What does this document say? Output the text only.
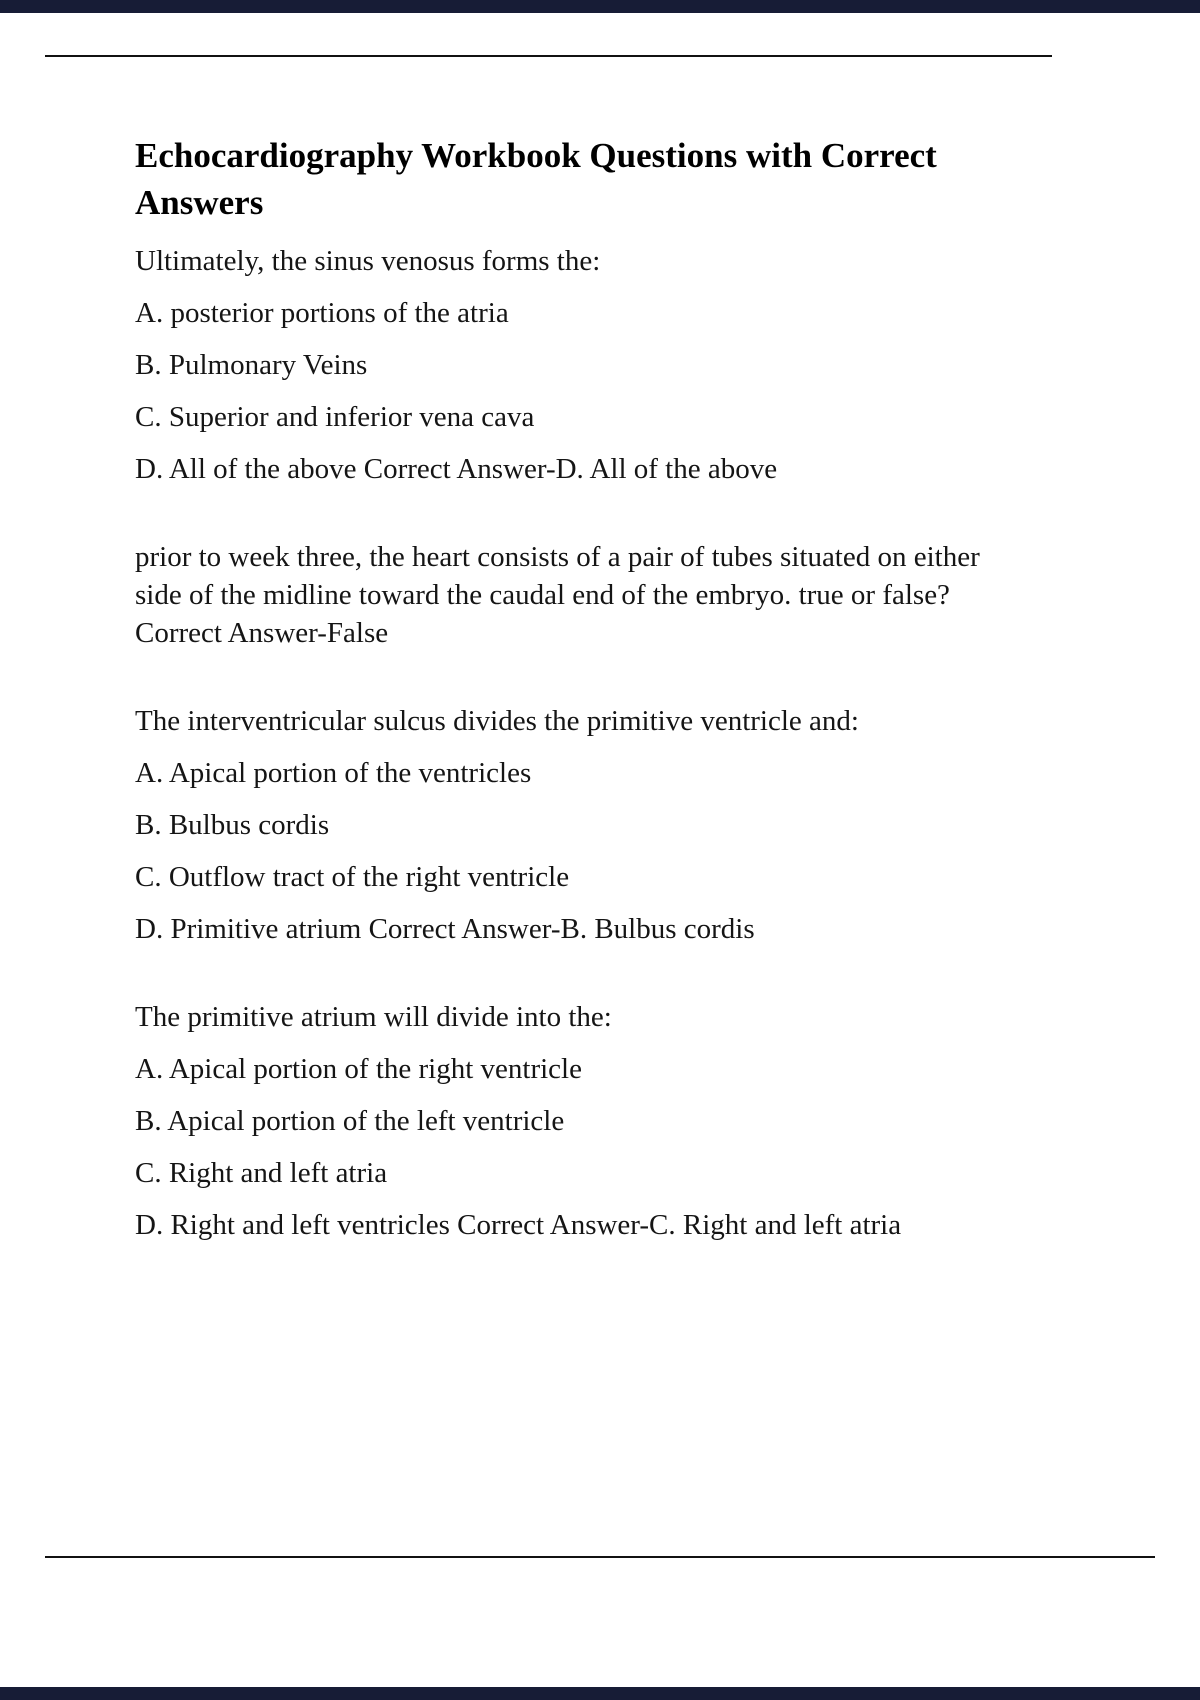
Echocardiography Workbook Questions with Correct Answers

Ultimately, the sinus venosus forms the:

A. posterior portions of the atria

B. Pulmonary Veins

C. Superior and inferior vena cava

D. All of the above Correct Answer-D. All of the above

prior to week three, the heart consists of a pair of tubes situated on either side of the midline toward the caudal end of the embryo. true or false? Correct Answer-False

The interventricular sulcus divides the primitive ventricle and:

A. Apical portion of the ventricles

B. Bulbus cordis

C. Outflow tract of the right ventricle

D. Primitive atrium Correct Answer-B. Bulbus cordis

The primitive atrium will divide into the:

A. Apical portion of the right ventricle

B. Apical portion of the left ventricle

C. Right and left atria

D. Right and left ventricles Correct Answer-C. Right and left atria
